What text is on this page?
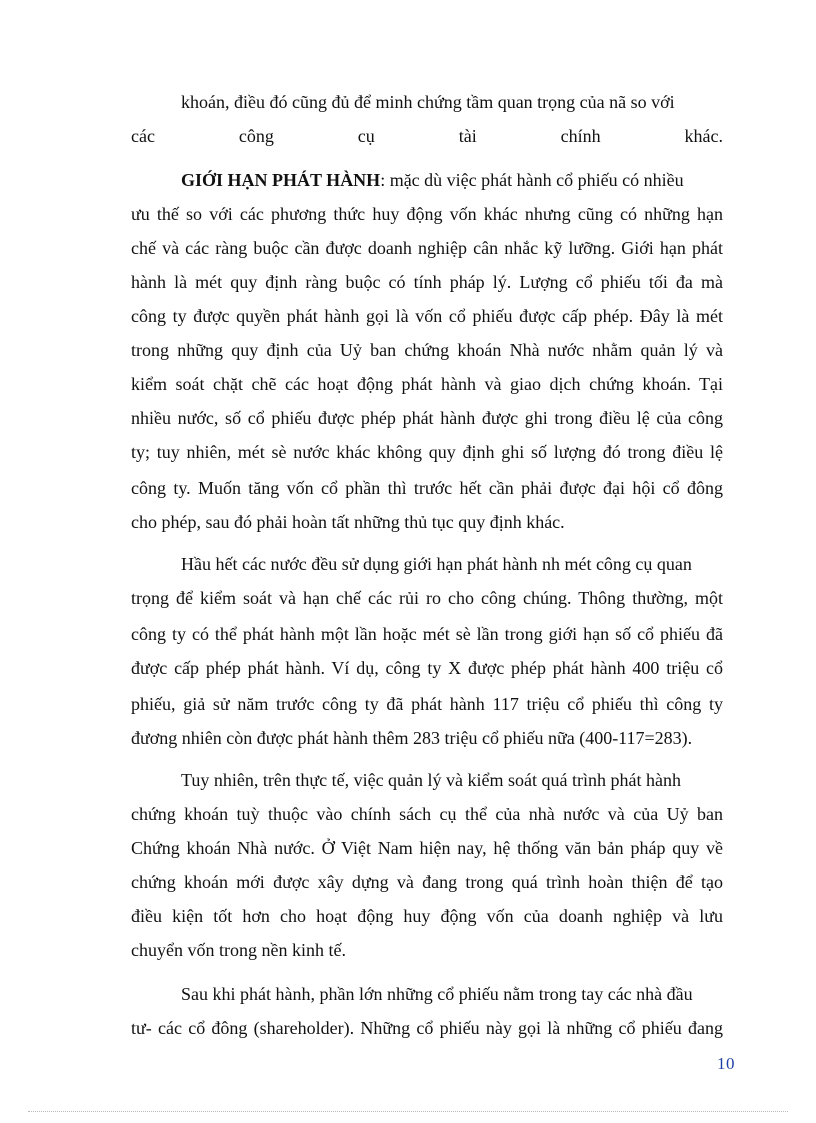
khoán, điều đó cũng đủ để minh chứng tầm quan trọng của nã so với
các công cụ tài chính khác.
GIỚI HẠN PHÁT HÀNH: mặc dù việc phát hành cổ phiếu có nhiều
ưu thế so với các phương thức huy động vốn khác nhưng cũng có những hạn
chế và các ràng buộc cần được doanh nghiệp cân nhắc kỹ lưỡng. Giới hạn phát
hành là mét quy định ràng buộc có tính pháp lý. Lượng cổ phiếu tối đa mà
công ty được quyền phát hành gọi là vốn cổ phiếu được cấp phép. Đây là mét
trong những quy định của Uỷ ban chứng khoán Nhà nước nhằm quản lý và
kiểm soát chặt chẽ các hoạt động phát hành và giao dịch chứng khoán. Tại
nhiều nước, số cổ phiếu được phép phát hành được ghi trong điều lệ của công
ty; tuy nhiên, mét sè nước khác không quy định ghi số lượng đó trong điều lệ
công ty. Muốn tăng vốn cổ phần thì trước hết cần phải được đại hội cổ đông
cho phép, sau đó phải hoàn tất những thủ tục quy định khác.
Hầu hết các nước đều sử dụng giới hạn phát hành nh mét công cụ quan
trọng để kiểm soát và hạn chế các rủi ro cho công chúng. Thông thường, một
công ty có thể phát hành một lần hoặc mét sè lần trong giới hạn số cổ phiếu đã
được cấp phép phát hành. Ví dụ, công ty X được phép phát hành 400 triệu cổ
phiếu, giả sử năm trước công ty đã phát hành 117 triệu cổ phiếu thì công ty
đương nhiên còn được phát hành thêm 283 triệu cổ phiếu nữa (400-117=283).
Tuy nhiên, trên thực tế, việc quản lý và kiểm soát quá trình phát hành
chứng khoán tuỳ thuộc vào chính sách cụ thể của nhà nước và của Uỷ ban
Chứng khoán Nhà nước. Ở Việt Nam hiện nay, hệ thống văn bản pháp quy về
chứng khoán mới được xây dựng và đang trong quá trình hoàn thiện để tạo
điều kiện tốt hơn cho hoạt động huy động vốn của doanh nghiệp và lưu
chuyển vốn trong nền kinh tế.
Sau khi phát hành, phần lớn những cổ phiếu nằm trong tay các nhà đầu
tư- các cổ đông (shareholder). Những cổ phiếu này gọi là những cổ phiếu đang
10
